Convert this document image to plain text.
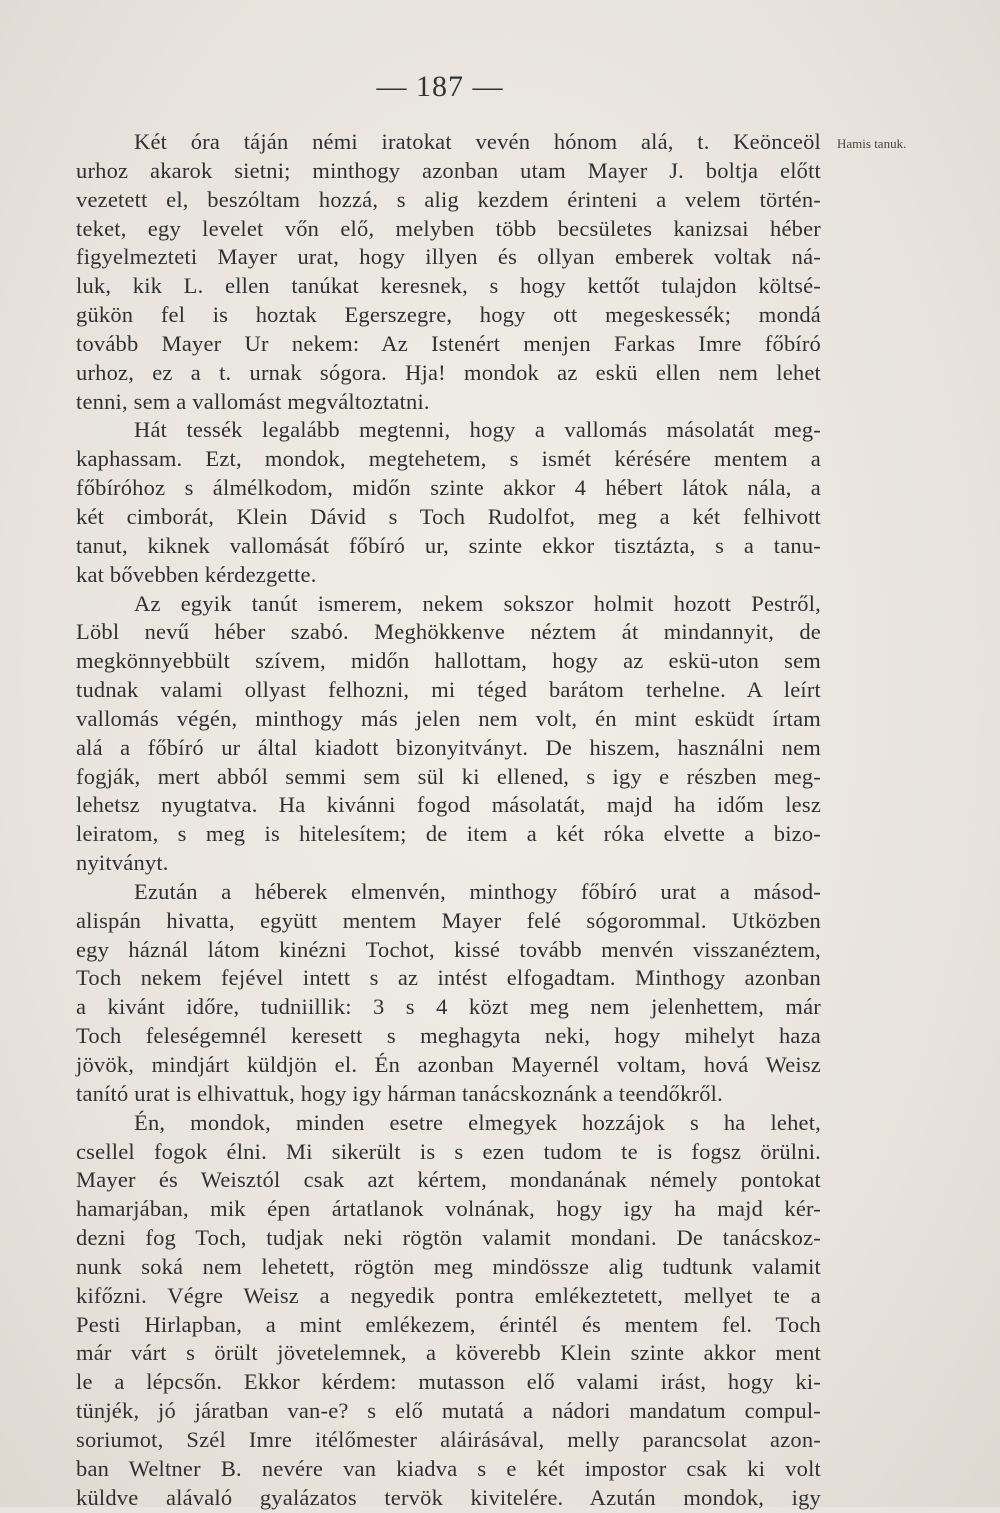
— 187 —
Hamis tanuk.
Két óra táján némi iratokat vevén hónom alá, t. Keönceöl
urhoz akarok sietni; minthogy azonban utam Mayer J. boltja előtt
vezetett el, beszóltam hozzá, s alig kezdem érinteni a velem történ-
teket, egy levelet vőn elő, melyben több becsületes kanizsai héber
figyelmezteti Mayer urat, hogy illyen és ollyan emberek voltak ná-
luk, kik L. ellen tanúkat keresnek, s hogy kettőt tulajdon költsé-
gükön fel is hoztak Egerszegre, hogy ott megeskessék; mondá
tovább Mayer Ur nekem: Az Istenért menjen Farkas Imre főbíró
urhoz, ez a t. urnak sógora. Hja! mondok az eskü ellen nem lehet
tenni, sem a vallomást megváltoztatni.
Hát tessék legalább megtenni, hogy a vallomás másolatát meg-
kaphassam. Ezt, mondok, megtehetem, s ismét kérésére mentem a
főbíróhoz s álmélkodom, midőn szinte akkor 4 hébert látok nála, a
két cimborát, Klein Dávid s Toch Rudolfot, meg a két felhivott
tanut, kiknek vallomását főbíró ur, szinte ekkor tisztázta, s a tanu-
kat bővebben kérdezgette.
Az egyik tanút ismerem, nekem sokszor holmit hozott Pestről,
Löbl nevű héber szabó. Meghökkenve néztem át mindannyit, de
megkönnyebbült szívem, midőn hallottam, hogy az eskü-uton sem
tudnak valami ollyast felhozni, mi téged barátom terhelne. A leírt
vallomás végén, minthogy más jelen nem volt, én mint esküdt írtam
alá a főbíró ur által kiadott bizonyitványt. De hiszem, használni nem
fogják, mert abból semmi sem sül ki ellened, s igy e részben meg-
lehetsz nyugtatva. Ha kivánni fogod másolatát, majd ha időm lesz
leiratom, s meg is hitelesítem; de item a két róka elvette a bizo-
nyitványt.
Ezután a héberek elmenvén, minthogy főbíró urat a másod-
alispán hivatta, együtt mentem Mayer felé sógorommal. Utközben
egy háznál látom kinézni Tochot, kissé tovább menvén visszanéztem,
Toch nekem fejével intett s az intést elfogadtam. Minthogy azonban
a kivánt időre, tudniillik: 3 s 4 közt meg nem jelenhettem, már
Toch feleségemnél keresett s meghagyta neki, hogy mihelyt haza
jövök, mindjárt küldjön el. Én azonban Mayernél voltam, hová Weisz
tanító urat is elhivattuk, hogy igy hárman tanácskoznánk a teendőkről.
Én, mondok, minden esetre elmegyek hozzájok s ha lehet,
csellel fogok élni. Mi sikerült is s ezen tudom te is fogsz örülni.
Mayer és Weisztól csak azt kértem, mondanának némely pontokat
hamarjában, mik épen ártatlanok volnának, hogy igy ha majd kér-
dezni fog Toch, tudjak neki rögtön valamit mondani. De tanácskoz-
nunk soká nem lehetett, rögtön meg mindössze alig tudtunk valamit
kifőzni. Végre Weisz a negyedik pontra emlékeztetett, mellyet te a
Pesti Hirlapban, a mint emlékezem, érintél és mentem fel. Toch
már várt s örült jövetelemnek, a köverebb Klein szinte akkor ment
le a lépcsőn. Ekkor kérdem: mutasson elő valami irást, hogy ki-
tünjék, jó járatban van-e? s elő mutatá a nádori mandatum compul-
soriumot, Szél Imre itélőmester aláirásával, melly parancsolat azon-
ban Weltner B. nevére van kiadva s e két impostor csak ki volt
küldve alávaló gyalázatos tervök kivitelére. Azután mondok, igy
